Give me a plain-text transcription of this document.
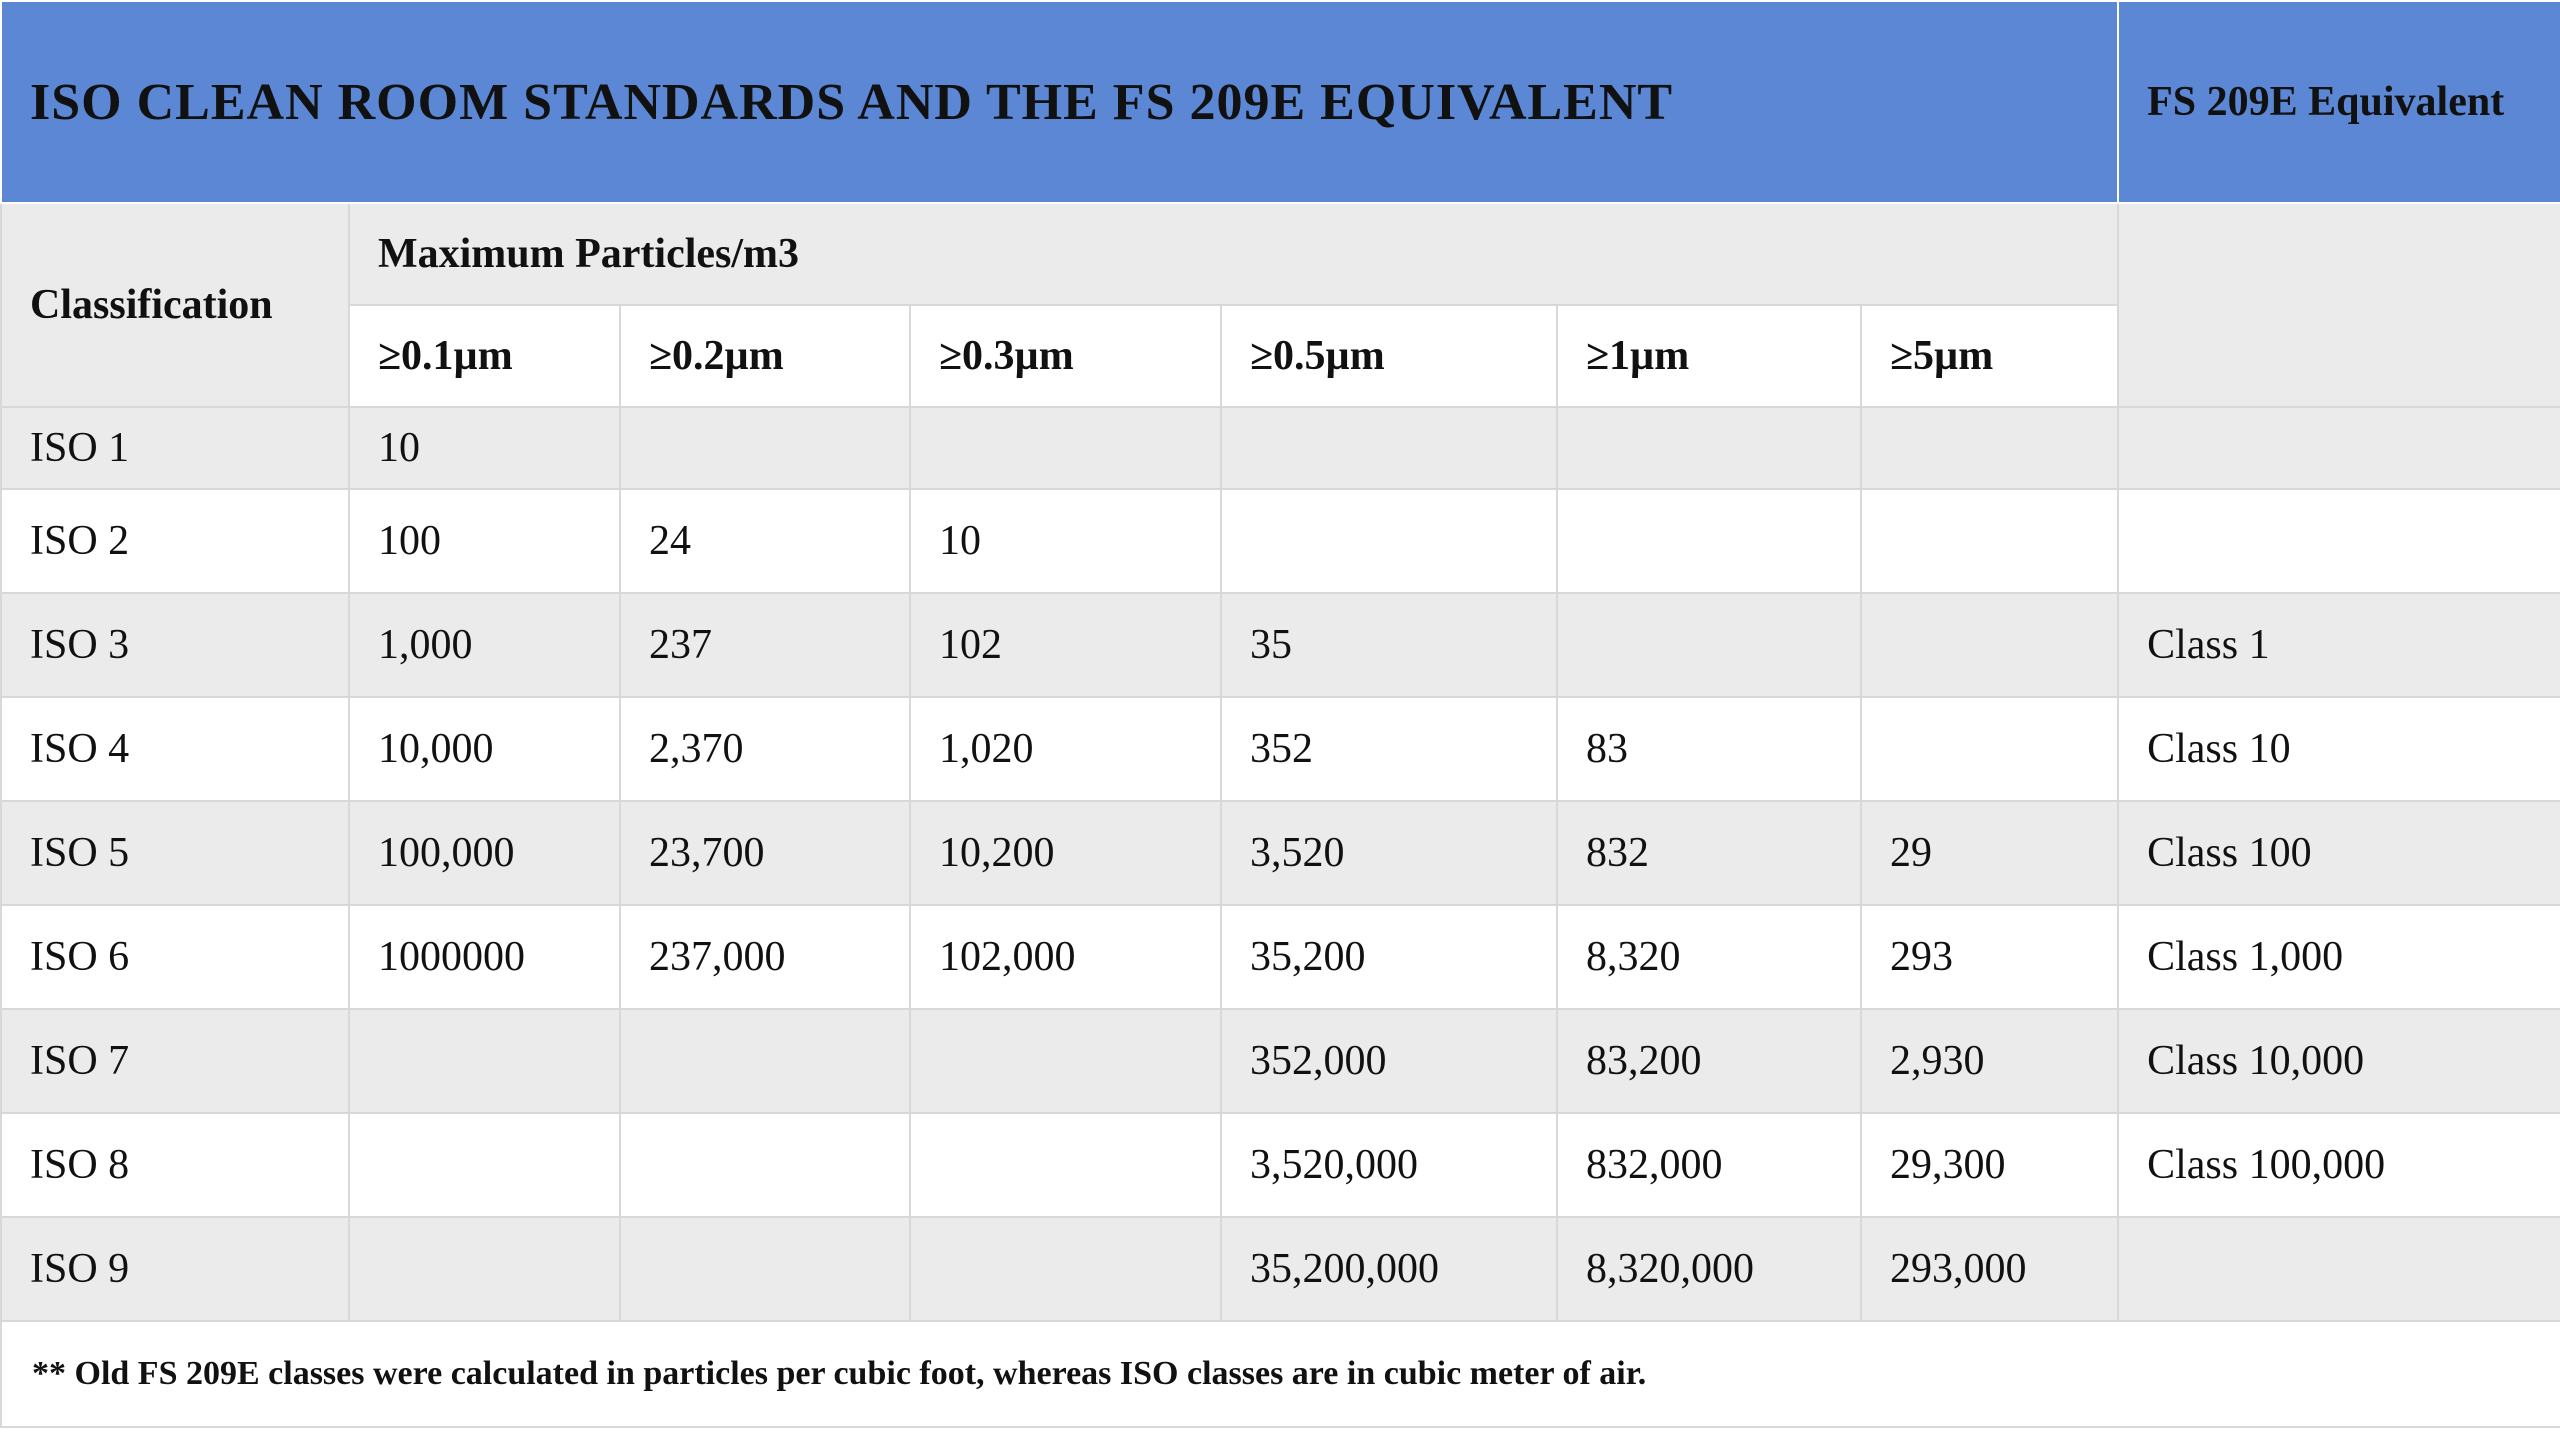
ISO CLEAN ROOM STANDARDS AND THE FS 209E EQUIVALENT							FS 209E Equivalent
Classification	Maximum Particles/m3						
	≥0.1µm	≥0.2µm	≥0.3µm	≥0.5µm	≥1µm	≥5µm	
ISO 1	10						
ISO 2	100	24	10				
ISO 3	1,000	237	102	35			Class 1
ISO 4	10,000	2,370	1,020	352	83		Class 10
ISO 5	100,000	23,700	10,200	3,520	832	29	Class 100
ISO 6	1000000	237,000	102,000	35,200	8,320	293	Class 1,000
ISO 7				352,000	83,200	2,930	Class 10,000
ISO 8				3,520,000	832,000	29,300	Class 100,000
ISO 9				35,200,000	8,320,000	293,000	
** Old FS 209E classes were calculated in particles per cubic foot, whereas ISO classes are in cubic meter of air.							
